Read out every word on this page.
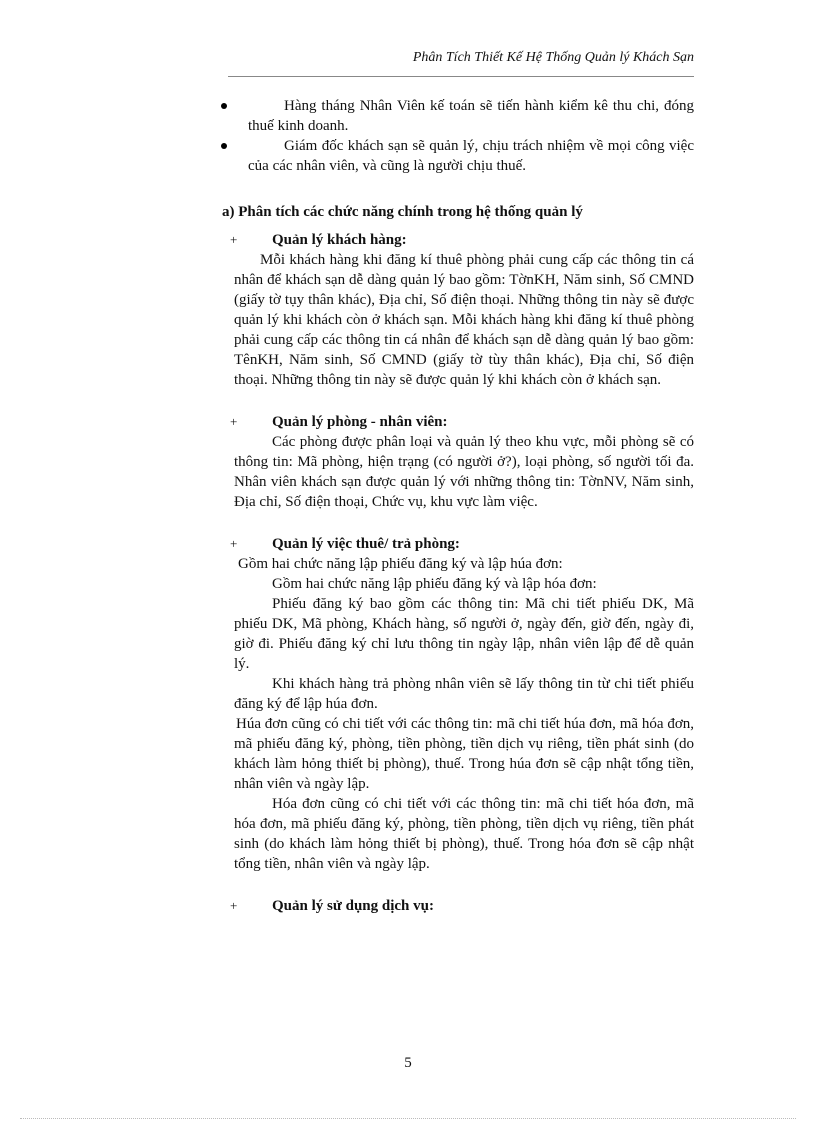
Phân Tích Thiết Kế Hệ Thống Quản lý Khách Sạn
Hàng tháng Nhân Viên kế toán sẽ tiến hành kiểm kê thu chi, đóng thuế kinh doanh.
Giám đốc khách sạn sẽ quản lý, chịu trách nhiệm về mọi công việc của các nhân viên, và cũng là người chịu thuế.
a) Phân tích các chức năng chính trong hệ thống quản lý
+ Quản lý khách hàng:
Mỗi khách hàng khi đăng kí thuê phòng phải cung cấp các thông tin cá nhân để khách sạn dễ dàng quản lý bao gồm: TờnKH, Năm sinh, Số CMND (giấy tờ tụy thân khác), Địa chỉ, Số điện thoại. Những thông tin này sẽ được quản lý khi khách còn ở khách sạn. Mỗi khách hàng khi đăng kí thuê phòng phải cung cấp các thông tin cá nhân để khách sạn dễ dàng quản lý bao gồm: TênKH, Năm sinh, Số CMND (giấy tờ tùy thân khác), Địa chỉ, Số điện thoại. Những thông tin này sẽ được quản lý khi khách còn ở khách sạn.
+ Quản lý phòng - nhân viên:
Các phòng được phân loại và quản lý theo khu vực, mỗi phòng sẽ có thông tin: Mã phòng, hiện trạng (có người ở?), loại phòng, số người tối đa. Nhân viên khách sạn được quản lý với những thông tin: TờnNV, Năm sinh, Địa chỉ, Số điện thoại, Chức vụ, khu vực làm việc.
+ Quản lý việc thuê/ trả phòng:
Gồm hai chức năng lập phiếu đăng ký và lập húa đơn:
Gồm hai chức năng lập phiếu đăng ký và lập hóa đơn:
Phiếu đăng ký bao gồm các thông tin: Mã chi tiết phiếu DK, Mã phiếu DK, Mã phòng, Khách hàng, số người ở, ngày đến, giờ đến, ngày đi, giờ đi. Phiếu đăng ký chỉ lưu thông tin ngày lập, nhân viên lập để dễ quản lý.
Khi khách hàng trả phòng nhân viên sẽ lấy thông tin từ chi tiết phiếu đăng ký để lập húa đơn.
Húa đơn cũng có chi tiết với các thông tin: mã chi tiết húa đơn, mã hóa đơn, mã phiếu đăng ký, phòng, tiền phòng, tiền dịch vụ riêng, tiền phát sinh (do khách làm hỏng thiết bị phòng), thuế. Trong húa đơn sẽ cập nhật tổng tiền, nhân viên và ngày lập.
Hóa đơn cũng có chi tiết với các thông tin: mã chi tiết hóa đơn, mã hóa đơn, mã phiếu đăng ký, phòng, tiền phòng, tiền dịch vụ riêng, tiền phát sinh (do khách làm hỏng thiết bị phòng), thuế. Trong hóa đơn sẽ cập nhật tổng tiền, nhân viên và ngày lập.
+ Quản lý sử dụng dịch vụ:
5
